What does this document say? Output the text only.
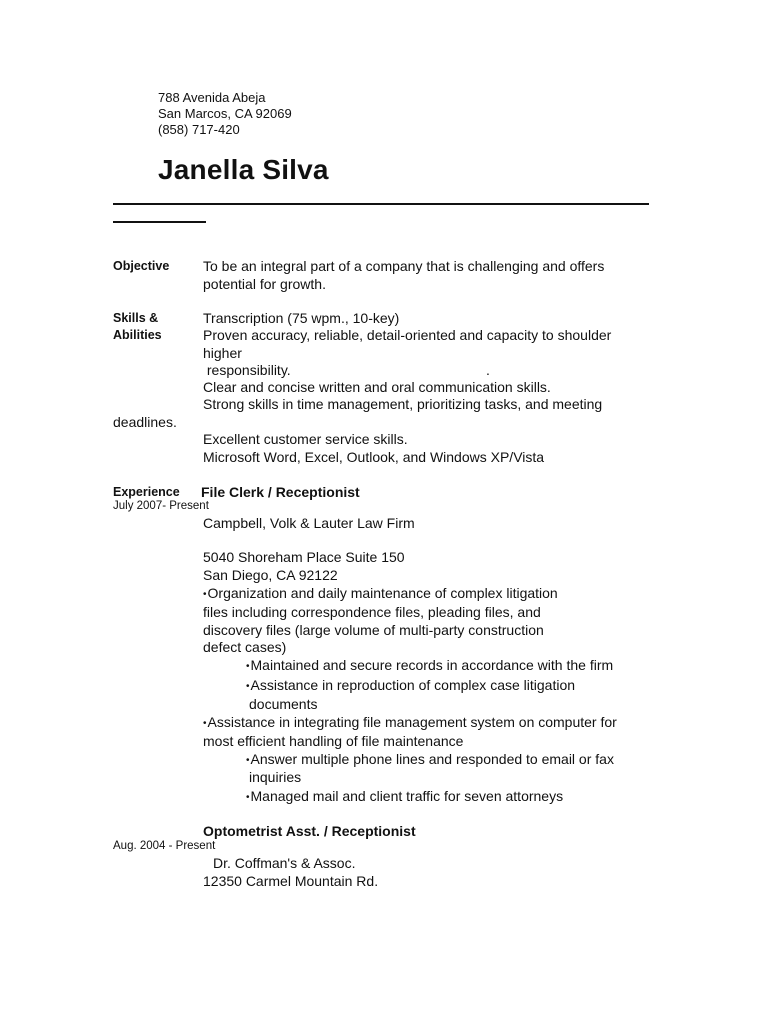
788 Avenida Abeja
San Marcos, CA 92069
(858) 717-420
Janella Silva
Objective To be an integral part of a company that is challenging and offers
potential for growth.
Skills &
Abilities
Transcription (75 wpm., 10-key)
Proven accuracy, reliable, detail-oriented and capacity to shoulder
higher
responsibility.	.
Clear and concise written and oral communication skills.
Strong skills in time management, prioritizing tasks, and meeting
deadlines.
Excellent customer service skills.
Microsoft Word, Excel, Outlook, and Windows XP/Vista
Experience File Clerk / Receptionist
July 2007- Present
Campbell, Volk & Lauter Law Firm
5040 Shoreham Place Suite 150
San Diego, CA 92122
•Organization and daily maintenance of complex litigation
files including correspondence files, pleading files, and
discovery files (large volume of multi-party construction
defect cases)
•Maintained and secure records in accordance with the firm
•Assistance in reproduction of complex case litigation
documents
•Assistance in integrating file management system on computer for
most efficient handling of file maintenance
•Answer multiple phone lines and responded to email or fax
inquiries
•Managed mail and client traffic for seven attorneys
Optometrist Asst. / Receptionist
Aug. 2004 - Present
Dr. Coffman's & Assoc.
12350 Carmel Mountain Rd.
